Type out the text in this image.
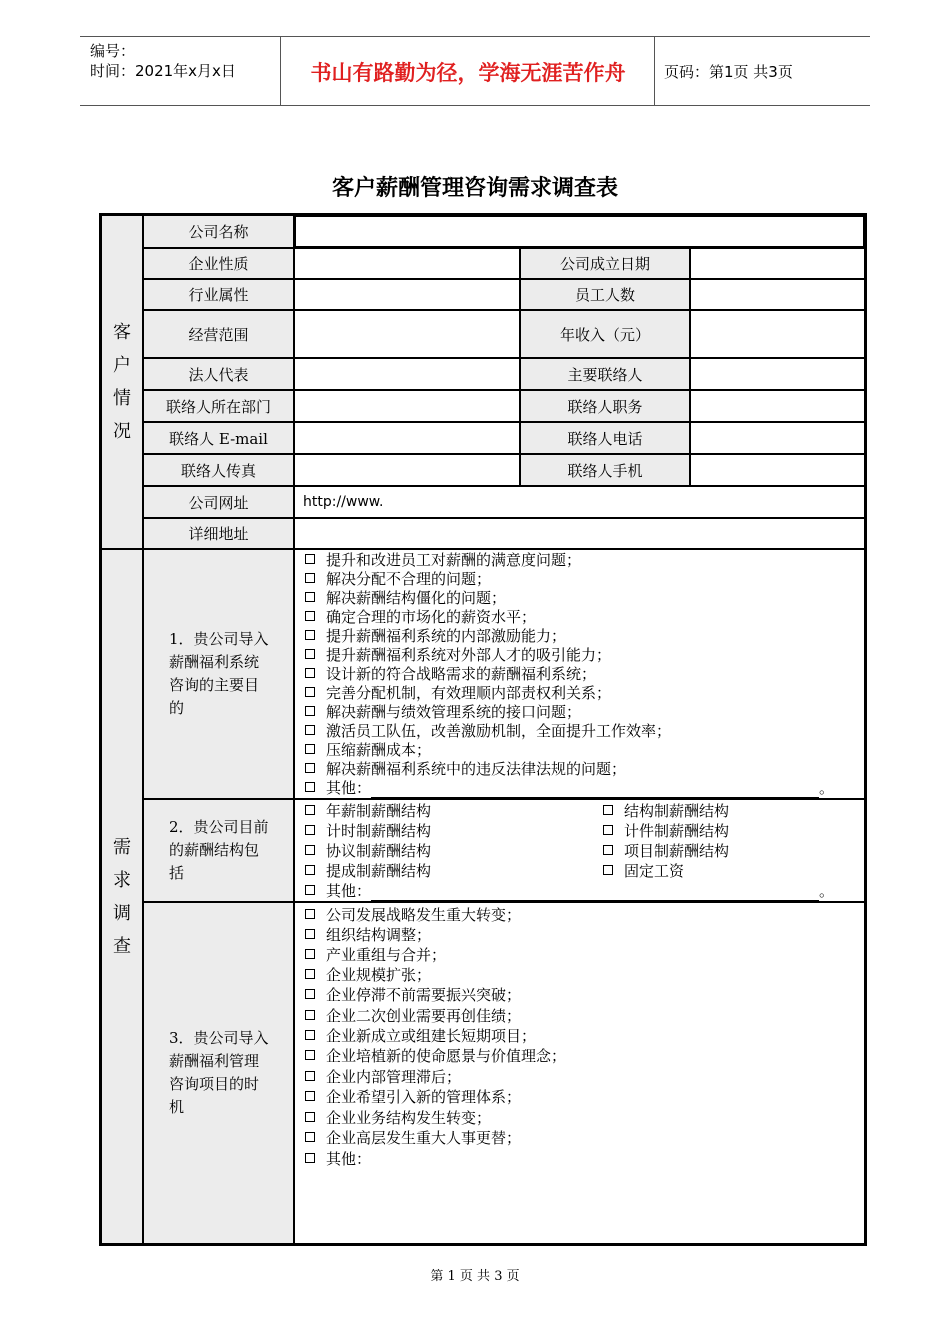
编号：
时间：2021年x月x日	书山有路勤为径，学海无涯苦作舟	页码：第1页 共3页
客户薪酬管理咨询需求调查表
客
户
情
况
公司名称
企业性质	公司成立日期
行业属性	员工人数
经营范围	年收入（元）
法人代表	主要联络人
联络人所在部门	联络人职务
联络人 E-mail	联络人电话
联络人传真	联络人手机
公司网址	http://www.
详细地址
需
求
调
查
1．贵公司导入薪酬福利系统咨询的主要目的
提升和改进员工对薪酬的满意度问题；
解决分配不合理的问题；
解决薪酬结构僵化的问题；
确定合理的市场化的薪资水平；
提升薪酬福利系统的内部激励能力；
提升薪酬福利系统对外部人才的吸引能力；
设计新的符合战略需求的薪酬福利系统；
完善分配机制，有效理顺内部责权利关系；
解决薪酬与绩效管理系统的接口问题；
激活员工队伍，改善激励机制，全面提升工作效率；
压缩薪酬成本；
解决薪酬福利系统中的违反法律法规的问题；
其他：	。
2．贵公司目前的薪酬结构包括
年薪制薪酬结构
计时制薪酬结构
协议制薪酬结构
提成制薪酬结构
结构制薪酬结构
计件制薪酬结构
项目制薪酬结构
固定工资
其他：	。
3．贵公司导入薪酬福利管理咨询项目的时机
公司发展战略发生重大转变；
组织结构调整；
产业重组与合并；
企业规模扩张；
企业停滞不前需要振兴突破；
企业二次创业需要再创佳绩；
企业新成立或组建长短期项目；
企业培植新的使命愿景与价值理念；
企业内部管理滞后；
企业希望引入新的管理体系；
企业业务结构发生转变；
企业高层发生重大人事更替；
其他：
第 1 页 共 3 页
